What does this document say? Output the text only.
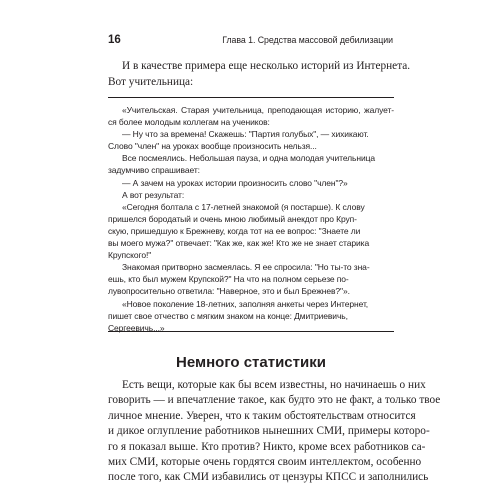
16	Глава 1. Средства массовой дебилизации
И в качестве примера еще несколько историй из Интернета.
Вот учительница:

«Учительская. Старая учительница, преподающая историю, жалует-

ся более молодым коллегам на учеников:

— Ну что за времена! Скажешь: "Партия голубых", — хихикают.

Слово "член" на уроках вообще произносить нельзя...

Все посмеялись. Небольшая пауза, и одна молодая учительница

задумчиво спрашивает:

— А зачем на уроках истории произносить слово "член"?»

А вот результат:

«Сегодня болтала с 17-летней знакомой (я постарше). К слову

пришелся бородатый и очень мною любимый анекдот про Круп-

скую, пришедшую к Брежневу, когда тот на ее вопрос: "Знаете ли

вы моего мужа?" отвечает: "Как же, как же! Кто же не знает старика

Крупского!"

Знакомая притворно засмеялась. Я ее спросила: "Но ты-то зна-

ешь, кто был мужем Крупской?" На что на полном серьезе по-

лувопросительно ответила: "Наверное, это и был Брежнев?"».

«Новое поколение 18-летних, заполняя анкеты через Интернет,

пишет свое отчество с мягким знаком на конце: Дмитриевичь,

Сергеевичь...»

Немного статистики
Есть вещи, которые как бы всем известны, но начинаешь о них
говорить — и впечатление такое, как будто это не факт, а только твое
личное мнение. Уверен, что к таким обстоятельствам относится
и дикое оглупление работников нынешних СМИ, примеры которо-
го я показал выше. Кто против? Никто, кроме всех работников са-
мих СМИ, которые очень гордятся своим интеллектом, особенно
после того, как СМИ избавились от цензуры КПСС и заполнились
